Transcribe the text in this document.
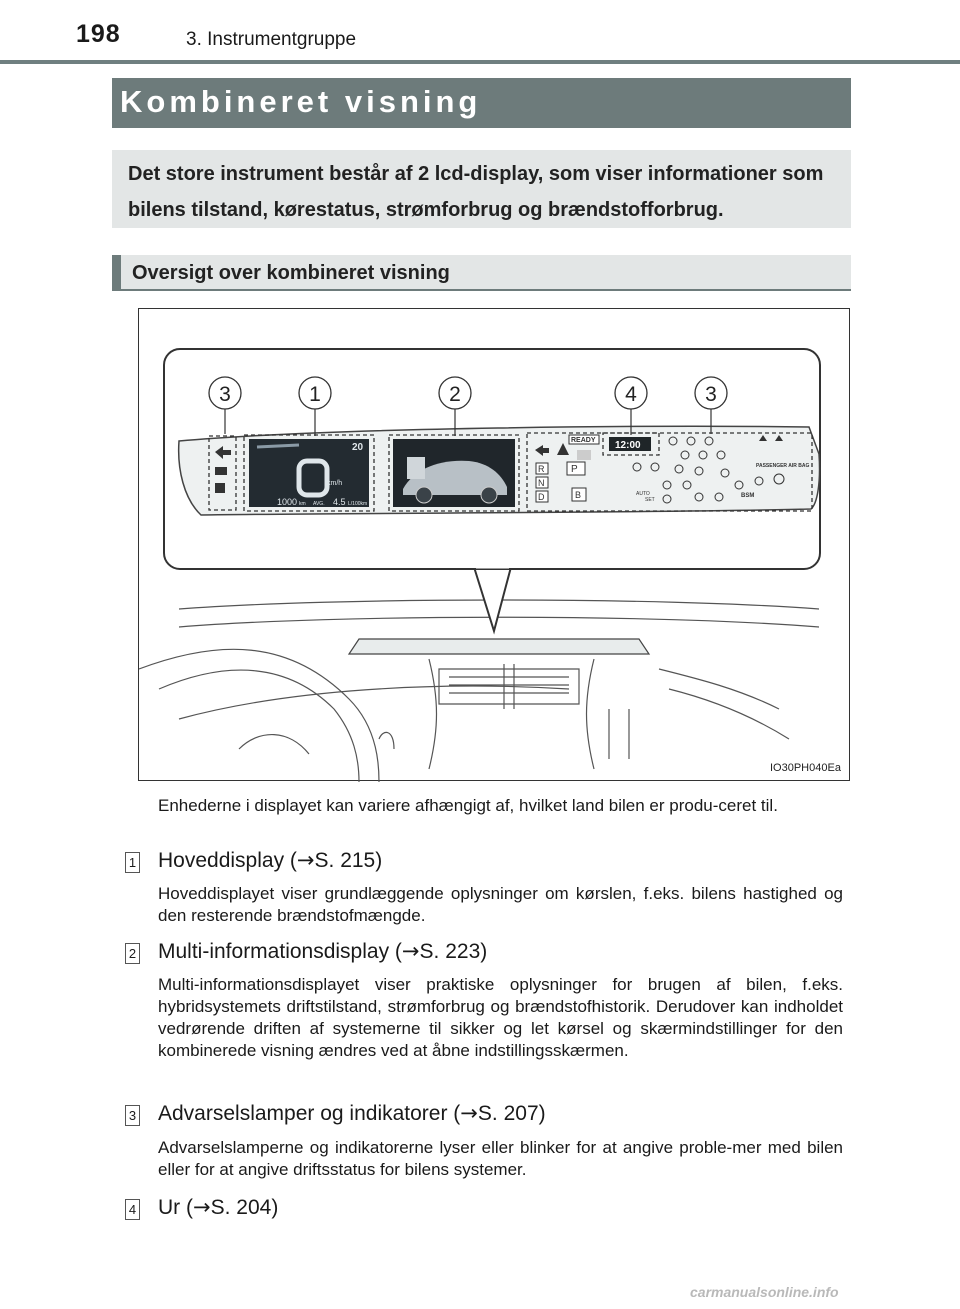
198	3. Instrumentgruppe
Kombineret visning
Det store instrument består af 2 lcd-display, som viser informationer som bilens tilstand, kørestatus, strømforbrug og brændstofforbrug.
Oversigt over kombineret visning
3	1	2	4	3
km/h
20
1000 km AVG. 4.5 L/100km
READY 12:00
R
N
D
P
B	AUTO
SET
PASSENGER AIR BAG
BSM
IO30PH040Ea
Enhederne i displayet kan variere afhængigt af, hvilket land bilen er produ-ceret til.
1 Hoveddisplay (→S. 215)
Hoveddisplayet viser grundlæggende oplysninger om kørslen, f.eks. bilens hastighed og den resterende brændstofmængde.
2 Multi-informationsdisplay (→S. 223)
Multi-informationsdisplayet viser praktiske oplysninger for brugen af bilen, f.eks. hybridsystemets driftstilstand, strømforbrug og brændstofhistorik. Derudover kan indholdet vedrørende driften af systemerne til sikker og let kørsel og skærmindstillinger for den kombinerede visning ændres ved at åbne indstillingsskærmen.
3 Advarselslamper og indikatorer (→S. 207)
Advarselslamperne og indikatorerne lyser eller blinker for at angive proble-mer med bilen eller for at angive driftsstatus for bilens systemer.
4 Ur (→S. 204)
carmanualsonline.info
